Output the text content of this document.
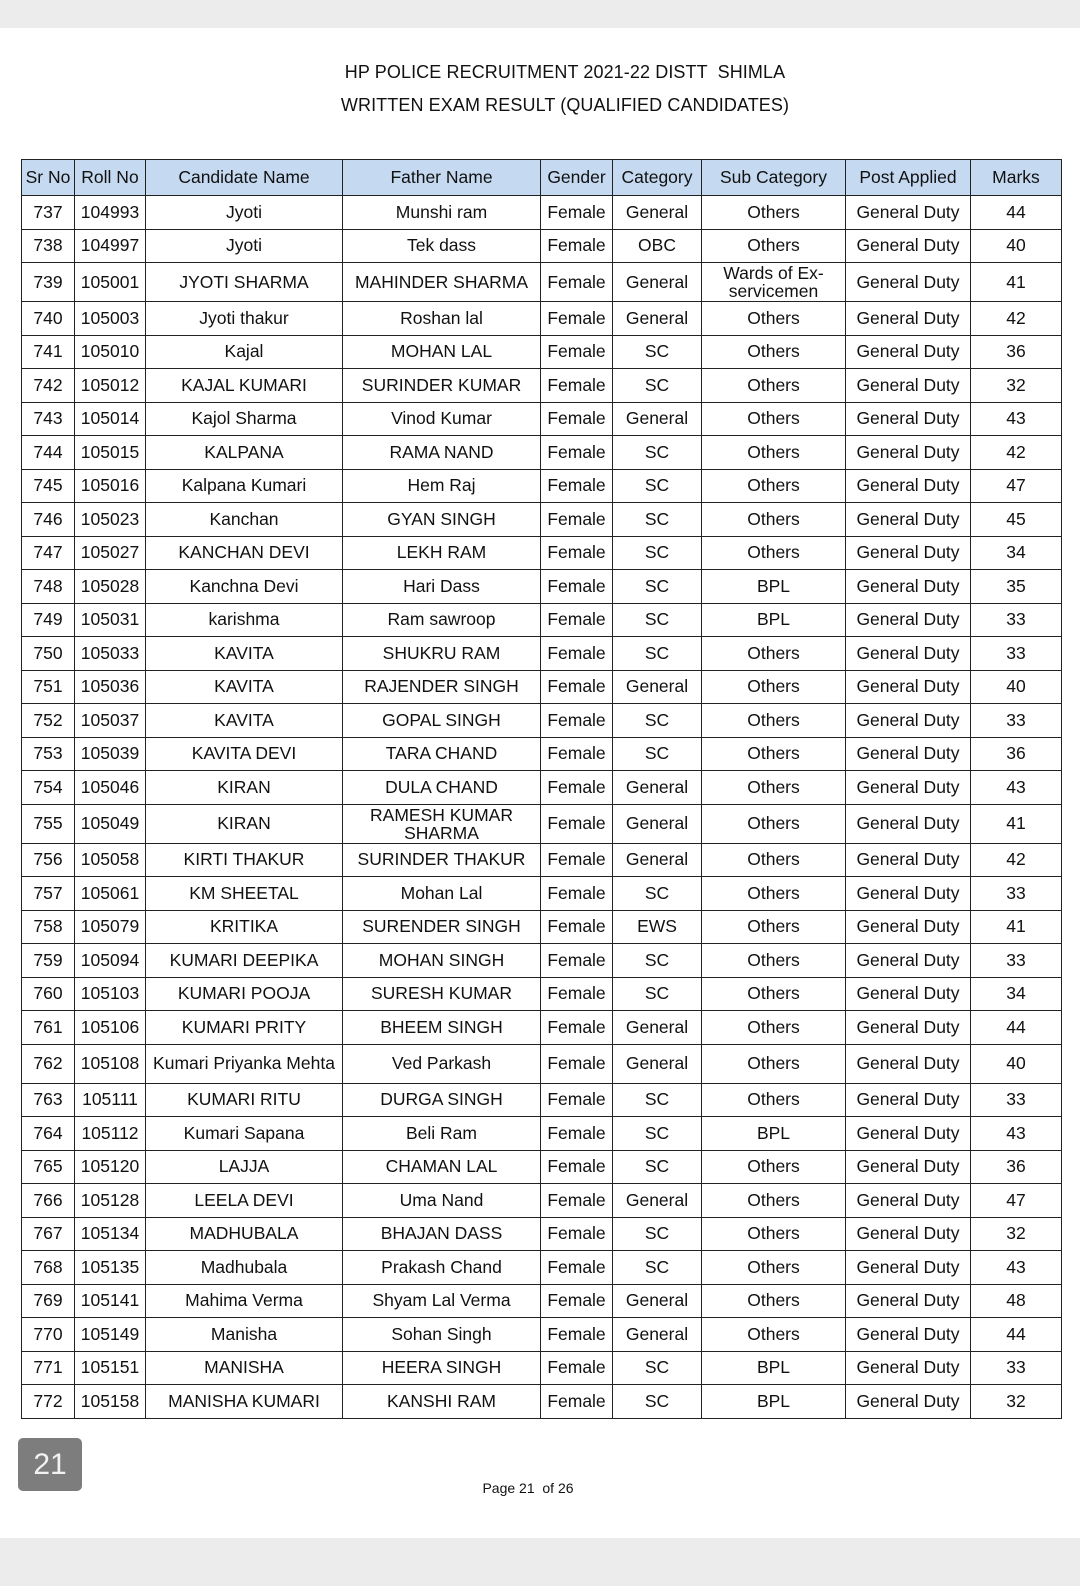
HP POLICE RECRUITMENT 2021-22 DISTT  SHIMLA
WRITTEN EXAM RESULT (QUALIFIED CANDIDATES)
Sr No	Roll No	Candidate Name	Father Name	Gender	Category	Sub Category	Post Applied	Marks
737	104993	Jyoti	Munshi ram	Female	General	Others	General Duty	44
738	104997	Jyoti	Tek dass	Female	OBC	Others	General Duty	40
739	105001	JYOTI SHARMA	MAHINDER SHARMA	Female	General	Wards of Ex-servicemen	General Duty	41
740	105003	Jyoti thakur	Roshan lal	Female	General	Others	General Duty	42
741	105010	Kajal	MOHAN LAL	Female	SC	Others	General Duty	36
742	105012	KAJAL KUMARI	SURINDER KUMAR	Female	SC	Others	General Duty	32
743	105014	Kajol Sharma	Vinod Kumar	Female	General	Others	General Duty	43
744	105015	KALPANA	RAMA NAND	Female	SC	Others	General Duty	42
745	105016	Kalpana Kumari	Hem Raj	Female	SC	Others	General Duty	47
746	105023	Kanchan	GYAN SINGH	Female	SC	Others	General Duty	45
747	105027	KANCHAN DEVI	LEKH RAM	Female	SC	Others	General Duty	34
748	105028	Kanchna Devi	Hari Dass	Female	SC	BPL	General Duty	35
749	105031	karishma	Ram sawroop	Female	SC	BPL	General Duty	33
750	105033	KAVITA	SHUKRU RAM	Female	SC	Others	General Duty	33
751	105036	KAVITA	RAJENDER SINGH	Female	General	Others	General Duty	40
752	105037	KAVITA	GOPAL SINGH	Female	SC	Others	General Duty	33
753	105039	KAVITA DEVI	TARA CHAND	Female	SC	Others	General Duty	36
754	105046	KIRAN	DULA CHAND	Female	General	Others	General Duty	43
755	105049	KIRAN	RAMESH KUMAR SHARMA	Female	General	Others	General Duty	41
756	105058	KIRTI THAKUR	SURINDER THAKUR	Female	General	Others	General Duty	42
757	105061	KM SHEETAL	Mohan Lal	Female	SC	Others	General Duty	33
758	105079	KRITIKA	SURENDER SINGH	Female	EWS	Others	General Duty	41
759	105094	KUMARI DEEPIKA	MOHAN SINGH	Female	SC	Others	General Duty	33
760	105103	KUMARI POOJA	SURESH KUMAR	Female	SC	Others	General Duty	34
761	105106	KUMARI PRITY	BHEEM SINGH	Female	General	Others	General Duty	44
762	105108	Kumari Priyanka Mehta	Ved Parkash	Female	General	Others	General Duty	40
763	105111	KUMARI RITU	DURGA SINGH	Female	SC	Others	General Duty	33
764	105112	Kumari Sapana	Beli Ram	Female	SC	BPL	General Duty	43
765	105120	LAJJA	CHAMAN LAL	Female	SC	Others	General Duty	36
766	105128	LEELA DEVI	Uma Nand	Female	General	Others	General Duty	47
767	105134	MADHUBALA	BHAJAN DASS	Female	SC	Others	General Duty	32
768	105135	Madhubala	Prakash Chand	Female	SC	Others	General Duty	43
769	105141	Mahima Verma	Shyam Lal Verma	Female	General	Others	General Duty	48
770	105149	Manisha	Sohan Singh	Female	General	Others	General Duty	44
771	105151	MANISHA	HEERA SINGH	Female	SC	BPL	General Duty	33
772	105158	MANISHA KUMARI	KANSHI RAM	Female	SC	BPL	General Duty	32
Page 21  of 26
21
